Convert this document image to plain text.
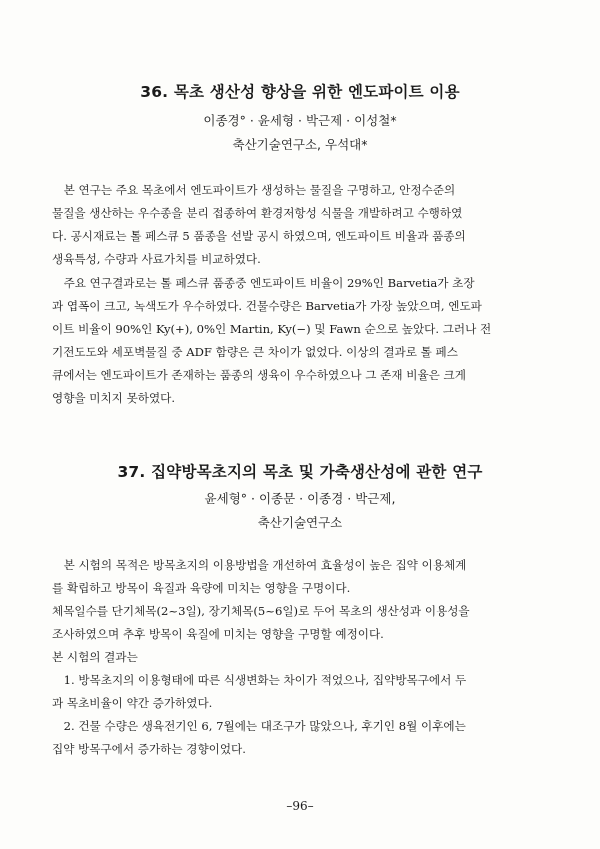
36. 목초 생산성 향상을 위한 엔도파이트 이용
이종경° · 윤세형 · 박근제 · 이성철*
축산기술연구소, 우석대*
　본 연구는 주요 목초에서 엔도파이트가 생성하는 물질을 구명하고, 안정수준의
물질을 생산하는 우수종을 분리 접종하여 환경저항성 식물을 개발하려고 수행하였
다. 공시재료는 톨 페스큐 5 품종을 선발 공시 하였으며, 엔도파이트 비율과 품종의
생육특성, 수량과 사료가치를 비교하였다.
　주요 연구결과로는 톨 페스큐 품종중 엔도파이트 비율이 29%인 Barvetia가 초장
과 엽폭이 크고, 녹색도가 우수하였다. 건물수량은 Barvetia가 가장 높았으며, 엔도파
이트 비율이 90%인 Ky(+), 0%인 Martin, Ky(−) 및 Fawn 순으로 높았다. 그러나 전
기전도도와 세포벽물질 중 ADF 함량은 큰 차이가 없었다. 이상의 결과로 톨 페스
큐에서는 엔도파이트가 존재하는 품종의 생육이 우수하였으나 그 존재 비율은 크게
영향을 미치지 못하였다.
37. 집약방목초지의 목초 및 가축생산성에 관한 연구
윤세형° · 이종문 · 이종경 · 박근제,
축산기술연구소
　본 시험의 목적은 방목초지의 이용방법을 개선하여 효율성이 높은 집약 이용체계
를 확립하고 방목이 육질과 육량에 미치는 영향을 구명이다.
체목일수를 단기체목(2~3일), 장기체목(5~6일)로 두어 목초의 생산성과 이용성을
조사하였으며 추후 방목이 육질에 미치는 영향을 구명할 예정이다.
본 시험의 결과는
　1. 방목초지의 이용형태에 따른 식생변화는 차이가 적었으나, 집약방목구에서 두
과 목초비율이 약간 증가하였다.
　2. 건물 수량은 생육전기인 6, 7월에는 대조구가 많았으나, 후기인 8월 이후에는
집약 방목구에서 증가하는 경향이었다.
–96–
